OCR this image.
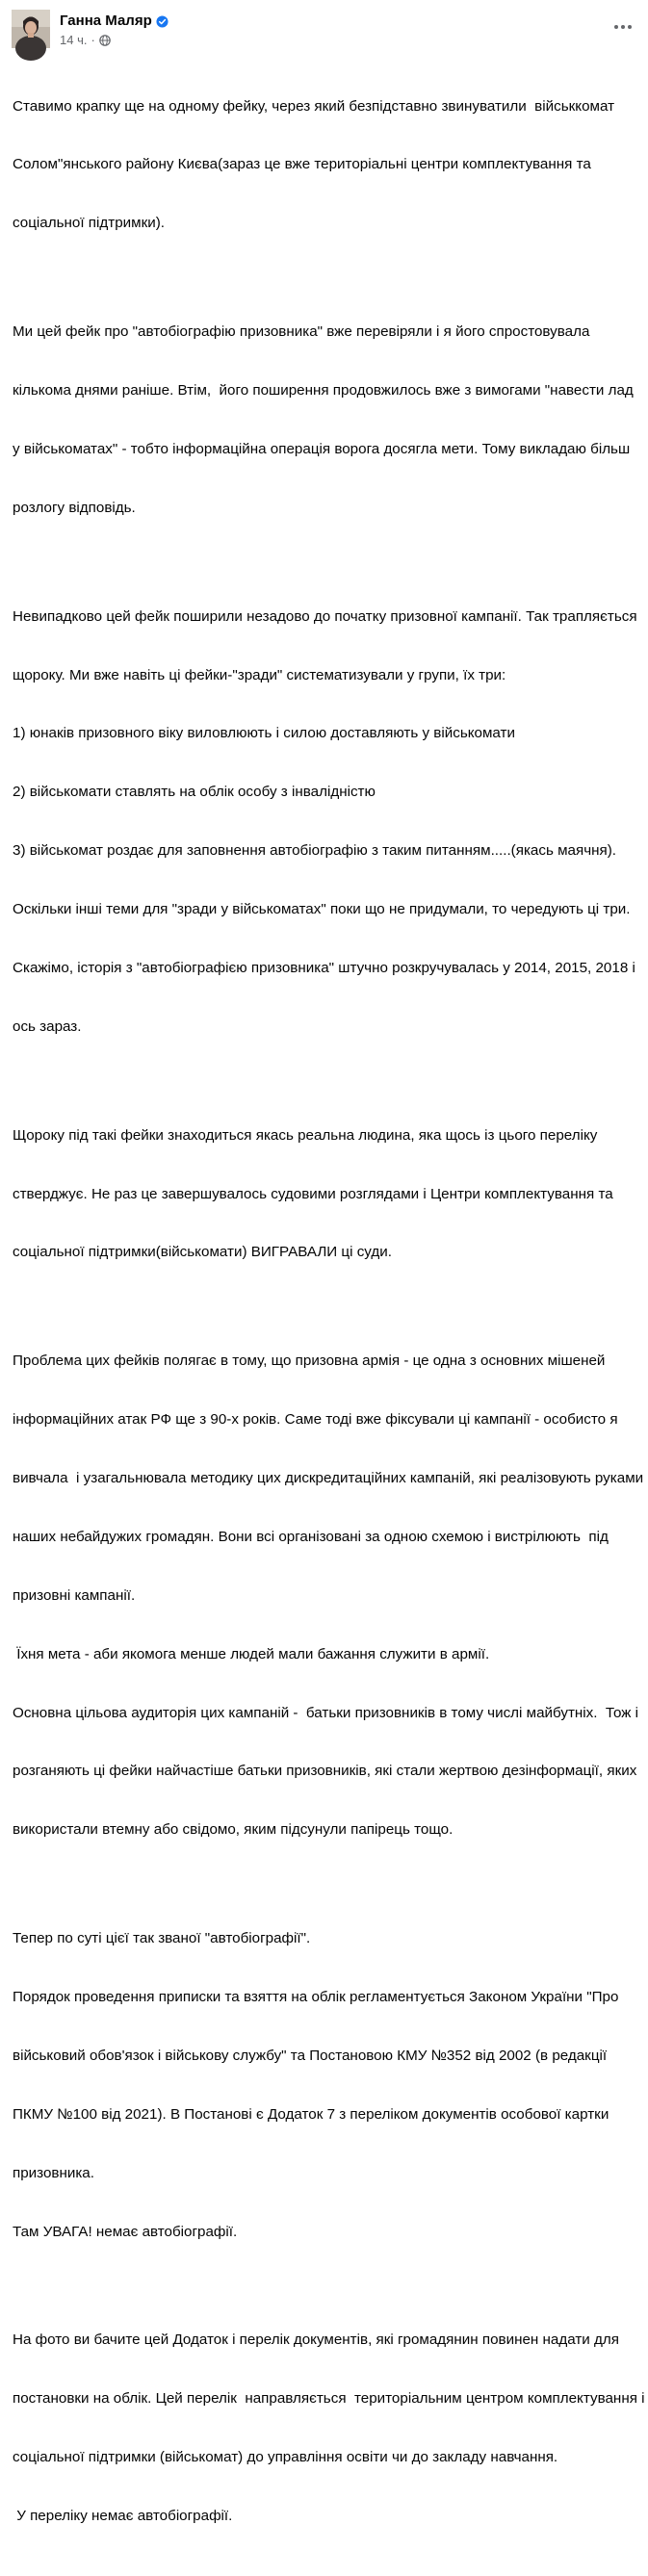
Ганна Маляр
14 ч. ·

Ставимо крапку ще на одному фейку, через який безпідставно звинуватили  військкомат

Солом"янського району Києва(зараз це вже територіальні центри комплектування та

соціальної підтримки).

Ми цей фейк про "автобіографію призовника" вже перевіряли і я його спростовувала

кількома днями раніше. Втім,  його поширення продовжилось вже з вимогами "навести лад

у військоматах" - тобто інформаційна операція ворога досягла мети. Тому викладаю більш

розлогу відповідь.

Невипадково цей фейк поширили незадово до початку призовної кампанії. Так трапляється

щороку. Ми вже навіть ці фейки-"зради" систематизували у групи, їх три:

1) юнаків призовного віку виловлюють і силою доставляють у військомати

2) військомати ставлять на облік особу з інвалідністю

3) військомат роздає для заповнення автобіографію з таким питанням.....(якась маячня).

Оскільки інші теми для "зради у військоматах" поки що не придумали, то чередують ці три.

Скажімо, історія з "автобіографією призовника" штучно розкручувалась у 2014, 2015, 2018 і

ось зараз.

Щороку під такі фейки знаходиться якась реальна людина, яка щось із цього переліку

стверджує. Не раз це завершувалось судовими розглядами і Центри комплектування та

соціальної підтримки(військомати) ВИГРАВАЛИ ці суди.

Проблема цих фейків полягає в тому, що призовна армія - це одна з основних мішеней

інформаційних атак РФ ще з 90-х років. Саме тоді вже фіксували ці кампанії - особисто я

вивчала  і узагальнювала методику цих дискредитаційних кампаній, які реалізовують руками

наших небайдужих громадян. Вони всі організовані за одною схемою і вистрілюють  під

призовні кампанії.

Їхня мета - аби якомога менше людей мали бажання служити в армії.

Основна цільова аудиторія цих кампаній -  батьки призовників в тому числі майбутніх.  Тож і

розганяють ці фейки найчастіше батьки призовників, які стали жертвою дезінформації, яких

використали втемну або свідомо, яким підсунули папірець тощо.

Тепер по суті цієї так званої "автобіографії".

Порядок проведення приписки та взяття на облік регламентується Законом України "Про

військовий обов'язок і військову службу" та Постановою КМУ №352 від 2002 (в редакції

ПКМУ №100 від 2021). В Постанові є Додаток 7 з переліком документів особової картки

призовника.

Там УВАГА! немає автобіографії.

На фото ви бачите цей Додаток і перелік документів, які громадянин повинен надати для

постановки на облік. Цей перелік  направляється  територіальним центром комплектування і

соціальної підтримки (військомат) до управління освіти чи до закладу навчання.

У переліку немає автобіографії.
